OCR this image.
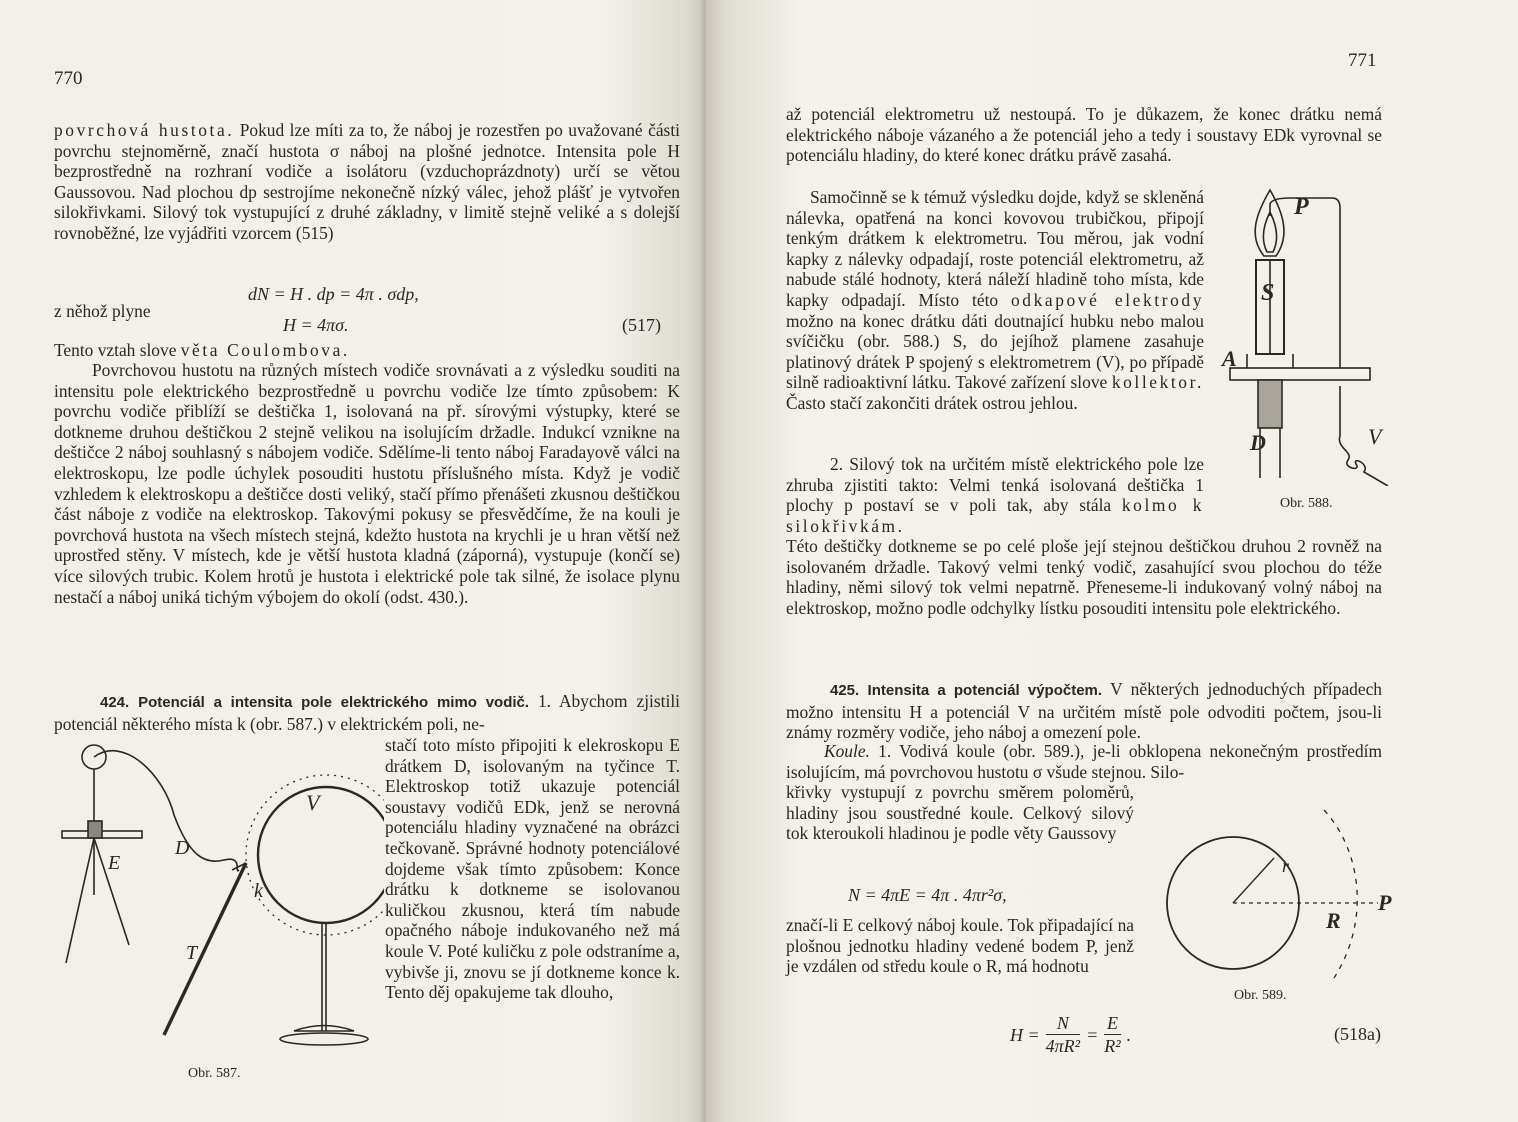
770

povrchová hustota. Pokud lze míti za to, že náboj je rozestřen po uvažované části povrchu stejnoměrně, značí hustota σ náboj na plošné jednotce. Intensita pole H bezprostředně na rozhraní vodiče a isolátoru (vzduchoprázdnoty) určí se větou Gaussovou. Nad plochou dp sestrojíme nekonečně nízký válec, jehož plášť je vytvořen silokřivkami. Silový tok vystupující z druhé základny, v limitě stejně veliké a s dolejší rovnoběžné, lze vyjádřiti vzorcem (515)

dN = H . dp = 4π . σdp,
z něhož plyne
H = 4πσ.	(517)

Tento vztah slove věta Coulombova.

Povrchovou hustotu na různých místech vodiče srovnávati a z výsledku souditi na intensitu pole elektrického bezprostředně u povrchu vodiče lze tímto způsobem: K povrchu vodiče přiblíží se deštička 1, isolovaná na př. sírovými výstupky, které se dotkneme druhou deštičkou 2 stejně velikou na isolujícím držadle. Indukcí vznikne na deštičce 2 náboj souhlasný s nábojem vodiče. Sdělíme-li tento náboj Faradayově válci na elektroskopu, lze podle úchylek posouditi hustotu příslušného místa. Když je vodič vzhledem k elektroskopu a deštičce dosti veliký, stačí přímo přenášeti zkusnou deštičkou část náboje z vodiče na elektroskop. Takovými pokusy se přesvědčíme, že na kouli je povrchová hustota na všech místech stejná, kdežto hustota na krychli je u hran větší než uprostřed stěny. V místech, kde je větší hustota kladná (záporná), vystupuje (končí se) více silových trubic. Kolem hrotů je hustota i elektrické pole tak silné, že isolace plynu nestačí a náboj uniká tichým výbojem do okolí (odst. 430.).

424. Potenciál a intensita pole elektrického mimo vodič. 1. Abychom zjistili potenciál některého místa k (obr. 587.) v elektrickém poli, ne-

stačí toto místo připojiti k elekroskopu E drátkem D, isolovaným na tyčince T. Elektroskop totiž ukazuje potenciál soustavy vodičů EDk, jenž se nerovná potenciálu hladiny vyznačené na obrázci tečkovaně. Správné hodnoty potenciálové dojdeme však tímto způsobem: Konce drátku k dotkneme se isolovanou kuličkou zkusnou, která tím nabude opačného náboje indukovaného než má koule V. Poté kuličku z pole odstraníme a, vybivše ji, znovu se jí dotkneme konce k. Tento děj opakujeme tak dlouho,

E
D
k
T
V
Obr. 587.
771

až potenciál elektrometru už nestoupá. To je důkazem, že konec drátku nemá elektrického náboje vázaného a že potenciál jeho a tedy i soustavy EDk vyrovnal se potenciálu hladiny, do které konec drátku právě zasahá.

Samočinně se k témuž výsledku dojde, když se skleněná nálevka, opatřená na konci kovovou trubičkou, připojí tenkým drátkem k elektrometru. Tou měrou, jak vodní kapky z nálevky odpadají, roste potenciál elektrometru, až nabude stálé hodnoty, která náleží hladině toho místa, kde kapky odpadají. Místo této odkapové elektrody možno na konec drátku dáti doutnající hubku nebo malou svíčičku (obr. 588.) S, do jejíhož plamene zasahuje platinový drátek P spojený s elektrometrem (V), po případě silně radioaktivní látku. Takové zařízení slove kollektor. Často stačí zakončiti drátek ostrou jehlou.

2. Silový tok na určitém místě elektrického pole lze zhruba zjistiti takto: Velmi tenká isolovaná deštička 1 plochy p postaví se v poli tak, aby stála kolmo k silokřivkám.

Této deštičky dotkneme se po celé ploše její stejnou deštičkou druhou 2 rovněž na isolovaném držadle. Takový velmi tenký vodič, zasahující svou plochou do téže hladiny, němi silový tok velmi nepatrně. Přeneseme-li indukovaný volný náboj na elektroskop, možno podle odchylky lístku posouditi intensitu pole elektrického.

P
S
A
D	V
Obr. 588.

425. Intensita a potenciál výpočtem. V některých jednoduchých případech možno intensitu H a potenciál V na určitém místě pole odvoditi počtem, jsou-li známy rozměry vodiče, jeho náboj a omezení pole.

Koule. 1. Vodivá koule (obr. 589.), je-li obklopena nekonečným prostředím isolujícím, má povrchovou hustotu σ všude stejnou. Silo-

křivky vystupují z povrchu směrem poloměrů, hladiny jsou soustředné koule. Celkový silový tok kteroukoli hladinou je podle věty Gaussovy

N = 4πE = 4π . 4πr²σ,

značí-li E celkový náboj koule. Tok připadající na plošnou jednotku hladiny vedené bodem P, jenž je vzdálen od středu koule o R, má hodnotu

r
R
P
Obr. 589.
$H = \frac{N}{\text{4πR²}} = \frac{E}{\text{R²}}$ .	(518a)
